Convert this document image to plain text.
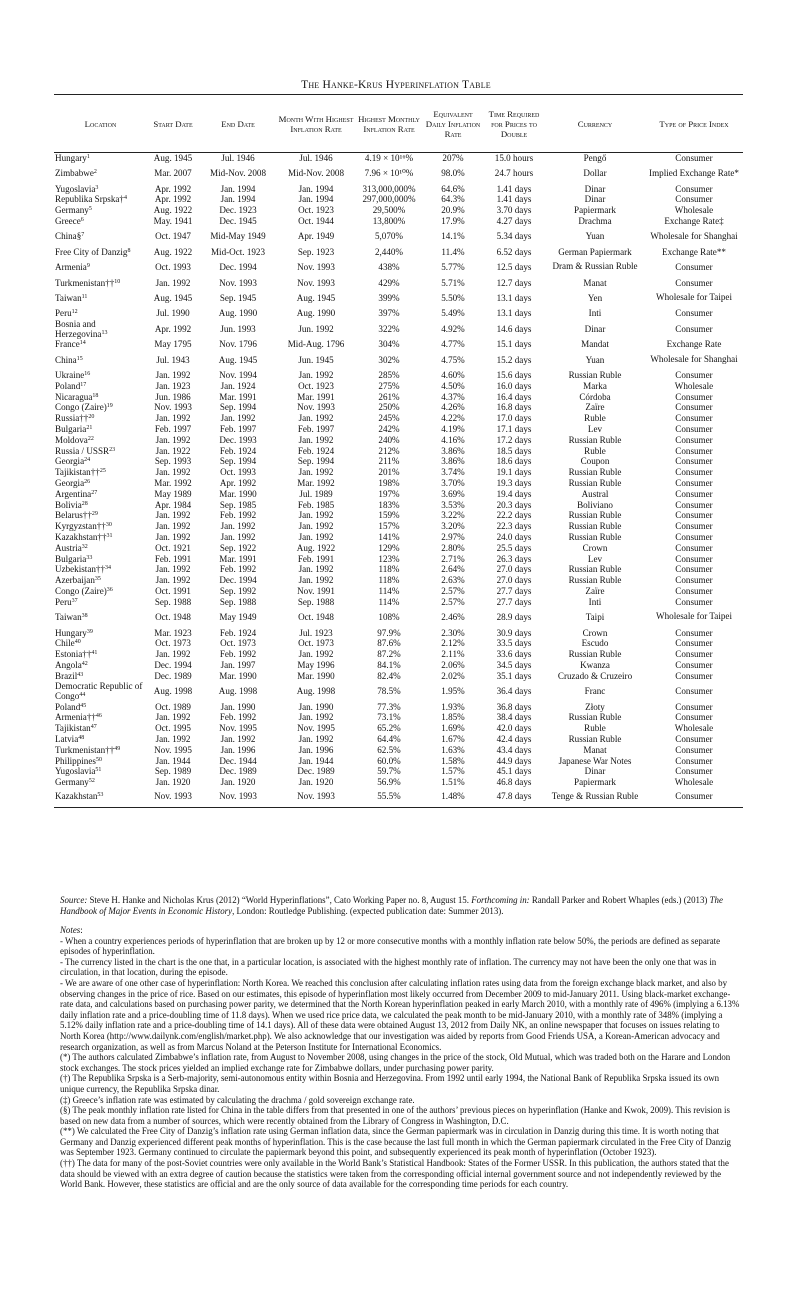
The Hanke-Krus Hyperinflation Table
Location	Start Date	End Date	Month With Highest Inflation Rate	Highest Monthly Inflation Rate	Equivalent Daily Inflation Rate	Time Required for Prices to Double	Currency	Type of Price Index
Hungary$^1$	Aug. 1945	Jul. 1946	Jul. 1946	4.19 × 10¹⁶%	207%	15.0 hours	Pengő	Consumer
Zimbabwe$^2$	Mar. 2007	Mid-Nov. 2008	Mid-Nov. 2008	7.96 × 10¹⁰%	98.0%	24.7 hours	Dollar	Implied Exchange Rate*
Yugoslavia$^3$	Apr. 1992	Jan. 1994	Jan. 1994	313,000,000%	64.6%	1.41 days	Dinar	Consumer
Republika Srpska†$^4$	Apr. 1992	Jan. 1994	Jan. 1994	297,000,000%	64.3%	1.41 days	Dinar	Consumer
Germany$^5$	Aug. 1922	Dec. 1923	Oct. 1923	29,500%	20.9%	3.70 days	Papiermark	Wholesale
Greece$^6$	May. 1941	Dec. 1945	Oct. 1944	13,800%	17.9%	4.27 days	Drachma	Exchange Rate‡
China§$^7$	Oct. 1947	Mid-May 1949	Apr. 1949	5,070%	14.1%	5.34 days	Yuan	Wholesale for Shanghai
Free City of Danzig$^8$	Aug. 1922	Mid-Oct. 1923	Sep. 1923	2,440%	11.4%	6.52 days	German Papiermark	Exchange Rate**
Armenia$^9$	Oct. 1993	Dec. 1994	Nov. 1993	438%	5.77%	12.5 days	Dram & Russian Ruble	Consumer
Turkmenistan††$^{10}$	Jan. 1992	Nov. 1993	Nov. 1993	429%	5.71%	12.7 days	Manat	Consumer
Taiwan$^{11}$	Aug. 1945	Sep. 1945	Aug. 1945	399%	5.50%	13.1 days	Yen	Wholesale for Taipei
Peru$^{12}$	Jul. 1990	Aug. 1990	Aug. 1990	397%	5.49%	13.1 days	Inti	Consumer
Bosnia and Herzegovina$^{13}$	Apr. 1992	Jun. 1993	Jun. 1992	322%	4.92%	14.6 days	Dinar	Consumer
France$^{14}$	May 1795	Nov. 1796	Mid-Aug. 1796	304%	4.77%	15.1 days	Mandat	Exchange Rate
China$^{15}$	Jul. 1943	Aug. 1945	Jun. 1945	302%	4.75%	15.2 days	Yuan	Wholesale for Shanghai
Ukraine$^{16}$	Jan. 1992	Nov. 1994	Jan. 1992	285%	4.60%	15.6 days	Russian Ruble	Consumer
Poland$^{17}$	Jan. 1923	Jan. 1924	Oct. 1923	275%	4.50%	16.0 days	Marka	Wholesale
Nicaragua$^{18}$	Jun. 1986	Mar. 1991	Mar. 1991	261%	4.37%	16.4 days	Córdoba	Consumer
Congo (Zaire)$^{19}$	Nov. 1993	Sep. 1994	Nov. 1993	250%	4.26%	16.8 days	Zaïre	Consumer
Russia††$^{20}$	Jan. 1992	Jan. 1992	Jan. 1992	245%	4.22%	17.0 days	Ruble	Consumer
Bulgaria$^{21}$	Feb. 1997	Feb. 1997	Feb. 1997	242%	4.19%	17.1 days	Lev	Consumer
Moldova$^{22}$	Jan. 1992	Dec. 1993	Jan. 1992	240%	4.16%	17.2 days	Russian Ruble	Consumer
Russia / USSR$^{23}$	Jan. 1922	Feb. 1924	Feb. 1924	212%	3.86%	18.5 days	Ruble	Consumer
Georgia$^{24}$	Sep. 1993	Sep. 1994	Sep. 1994	211%	3.86%	18.6 days	Coupon	Consumer
Tajikistan††$^{25}$	Jan. 1992	Oct. 1993	Jan. 1992	201%	3.74%	19.1 days	Russian Ruble	Consumer
Georgia$^{26}$	Mar. 1992	Apr. 1992	Mar. 1992	198%	3.70%	19.3 days	Russian Ruble	Consumer
Argentina$^{27}$	May 1989	Mar. 1990	Jul. 1989	197%	3.69%	19.4 days	Austral	Consumer
Bolivia$^{28}$	Apr. 1984	Sep. 1985	Feb. 1985	183%	3.53%	20.3 days	Boliviano	Consumer
Belarus††$^{29}$	Jan. 1992	Feb. 1992	Jan. 1992	159%	3.22%	22.2 days	Russian Ruble	Consumer
Kyrgyzstan††$^{30}$	Jan. 1992	Jan. 1992	Jan. 1992	157%	3.20%	22.3 days	Russian Ruble	Consumer
Kazakhstan††$^{31}$	Jan. 1992	Jan. 1992	Jan. 1992	141%	2.97%	24.0 days	Russian Ruble	Consumer
Austria$^{32}$	Oct. 1921	Sep. 1922	Aug. 1922	129%	2.80%	25.5 days	Crown	Consumer
Bulgaria$^{33}$	Feb. 1991	Mar. 1991	Feb. 1991	123%	2.71%	26.3 days	Lev	Consumer
Uzbekistan††$^{34}$	Jan. 1992	Feb. 1992	Jan. 1992	118%	2.64%	27.0 days	Russian Ruble	Consumer
Azerbaijan$^{35}$	Jan. 1992	Dec. 1994	Jan. 1992	118%	2.63%	27.0 days	Russian Ruble	Consumer
Congo (Zaire)$^{36}$	Oct. 1991	Sep. 1992	Nov. 1991	114%	2.57%	27.7 days	Zaïre	Consumer
Peru$^{37}$	Sep. 1988	Sep. 1988	Sep. 1988	114%	2.57%	27.7 days	Inti	Consumer
Taiwan$^{38}$	Oct. 1948	May 1949	Oct. 1948	108%	2.46%	28.9 days	Taipi	Wholesale for Taipei
Hungary$^{39}$	Mar. 1923	Feb. 1924	Jul. 1923	97.9%	2.30%	30.9 days	Crown	Consumer
Chile$^{40}$	Oct. 1973	Oct. 1973	Oct. 1973	87.6%	2.12%	33.5 days	Escudo	Consumer
Estonia††$^{41}$	Jan. 1992	Feb. 1992	Jan. 1992	87.2%	2.11%	33.6 days	Russian Ruble	Consumer
Angola$^{42}$	Dec. 1994	Jan. 1997	May 1996	84.1%	2.06%	34.5 days	Kwanza	Consumer
Brazil$^{43}$	Dec. 1989	Mar. 1990	Mar. 1990	82.4%	2.02%	35.1 days	Cruzado & Cruzeiro	Consumer
Democratic Republic of Congo$^{44}$	Aug. 1998	Aug. 1998	Aug. 1998	78.5%	1.95%	36.4 days	Franc	Consumer
Poland$^{45}$	Oct. 1989	Jan. 1990	Jan. 1990	77.3%	1.93%	36.8 days	Złoty	Consumer
Armenia††$^{46}$	Jan. 1992	Feb. 1992	Jan. 1992	73.1%	1.85%	38.4 days	Russian Ruble	Consumer
Tajikistan$^{47}$	Oct. 1995	Nov. 1995	Nov. 1995	65.2%	1.69%	42.0 days	Ruble	Wholesale
Latvia$^{48}$	Jan. 1992	Jan. 1992	Jan. 1992	64.4%	1.67%	42.4 days	Russian Ruble	Consumer
Turkmenistan††$^{49}$	Nov. 1995	Jan. 1996	Jan. 1996	62.5%	1.63%	43.4 days	Manat	Consumer
Philippines$^{50}$	Jan. 1944	Dec. 1944	Jan. 1944	60.0%	1.58%	44.9 days	Japanese War Notes	Consumer
Yugoslavia$^{51}$	Sep. 1989	Dec. 1989	Dec. 1989	59.7%	1.57%	45.1 days	Dinar	Consumer
Germany$^{52}$	Jan. 1920	Jan. 1920	Jan. 1920	56.9%	1.51%	46.8 days	Papiermark	Wholesale
Kazakhstan$^{53}$	Nov. 1993	Nov. 1993	Nov. 1993	55.5%	1.48%	47.8 days	Tenge & Russian Ruble	Consumer
Source: Steve H. Hanke and Nicholas Krus (2012) “World Hyperinflations”, Cato Working Paper no. 8, August 15. Forthcoming in: Randall Parker and Robert Whaples (eds.) (2013) The Handbook of Major Events in Economic History, London: Routledge Publishing. (expected publication date: Summer 2013).

Notes:

- When a country experiences periods of hyperinflation that are broken up by 12 or more consecutive months with a monthly inflation rate below 50%, the periods are defined as separate episodes of hyperinflation.

- The currency listed in the chart is the one that, in a particular location, is associated with the highest monthly rate of inflation. The currency may not have been the only one that was in circulation, in that location, during the episode.

- We are aware of one other case of hyperinflation: North Korea. We reached this conclusion after calculating inflation rates using data from the foreign exchange black market, and also by observing changes in the price of rice. Based on our estimates, this episode of hyperinflation most likely occurred from December 2009 to mid-January 2011. Using black-market exchange-rate data, and calculations based on purchasing power parity, we determined that the North Korean hyperinflation peaked in early March 2010, with a monthly rate of 496% (implying a 6.13% daily inflation rate and a price-doubling time of 11.8 days). When we used rice price data, we calculated the peak month to be mid-January 2010, with a monthly rate of 348% (implying a 5.12% daily inflation rate and a price-doubling time of 14.1 days). All of these data were obtained August 13, 2012 from Daily NK, an online newspaper that focuses on issues relating to North Korea (http://www.dailynk.com/english/market.php). We also acknowledge that our investigation was aided by reports from Good Friends USA, a Korean-American advocacy and research organization, as well as from Marcus Noland at the Peterson Institute for International Economics.

(*) The authors calculated Zimbabwe’s inflation rate, from August to November 2008, using changes in the price of the stock, Old Mutual, which was traded both on the Harare and London stock exchanges. The stock prices yielded an implied exchange rate for Zimbabwe dollars, under purchasing power parity.

(†) The Republika Srpska is a Serb-majority, semi-autonomous entity within Bosnia and Herzegovina. From 1992 until early 1994, the National Bank of Republika Srpska issued its own unique currency, the Republika Srpska dinar.

(‡) Greece’s inflation rate was estimated by calculating the drachma / gold sovereign exchange rate.

(§) The peak monthly inflation rate listed for China in the table differs from that presented in one of the authors’ previous pieces on hyperinflation (Hanke and Kwok, 2009). This revision is based on new data from a number of sources, which were recently obtained from the Library of Congress in Washington, D.C.

(**) We calculated the Free City of Danzig’s inflation rate using German inflation data, since the German papiermark was in circulation in Danzig during this time. It is worth noting that Germany and Danzig experienced different peak months of hyperinflation. This is the case because the last full month in which the German papiermark circulated in the Free City of Danzig was September 1923. Germany continued to circulate the papiermark beyond this point, and subsequently experienced its peak month of hyperinflation (October 1923).

(††) The data for many of the post-Soviet countries were only available in the World Bank’s Statistical Handbook: States of the Former USSR. In this publication, the authors stated that the data should be viewed with an extra degree of caution because the statistics were taken from the corresponding official internal government source and not independently reviewed by the World Bank. However, these statistics are official and are the only source of data available for the corresponding time periods for each country.
